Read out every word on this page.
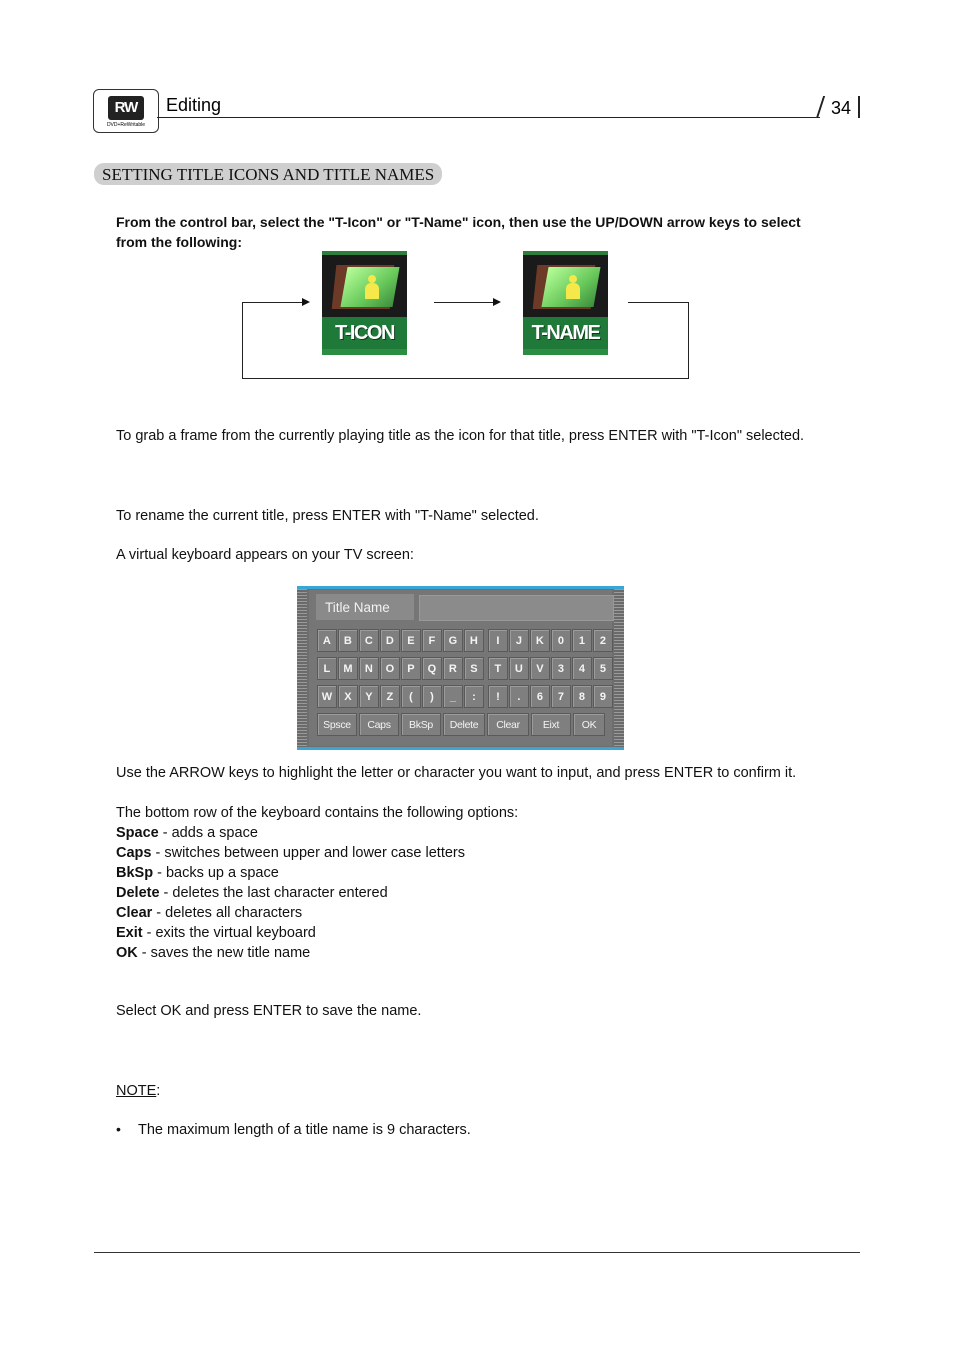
RW
DVD+ReWritable
Editing	34
SETTING TITLE ICONS AND TITLE NAMES
From the control bar, select the "T-Icon" or "T-Name" icon, then use the UP/DOWN arrow keys to select from the following:
T-ICON	T-NAME
To grab a frame from the currently playing title as the icon for that title, press ENTER with "T-Icon" selected.
To rename the current title, press ENTER with "T-Name" selected.
A virtual keyboard appears on your TV screen:
Title Name
A	B	C	D	E	F	G	H	I	J	K	0	1	2
L	M	N	O	P	Q	R	S	T	U	V	3	4	5
W	X	Y	Z	(	)	_	:	!	.	6	7	8	9
Spsce	Caps	BkSp	Delete	Clear	Eixt	OK
Use the ARROW keys to highlight the letter or character you want to input, and press ENTER to confirm it.
The bottom row of the keyboard contains the following options:
Space - adds a space
Caps - switches between upper and lower case letters
BkSp - backs up a space
Delete - deletes the last character entered
Clear - deletes all characters
Exit - exits the virtual keyboard
OK - saves the new title name
Select OK and press ENTER to save the name.
NOTE:
• The maximum length of a title name is 9 characters.
